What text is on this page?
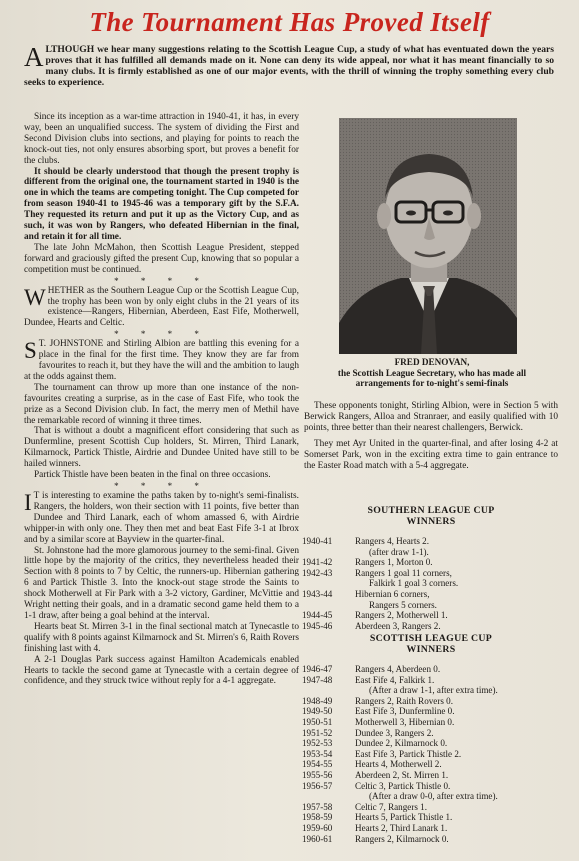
The Tournament Has Proved Itself
ALTHOUGH we hear many suggestions relating to the Scottish League Cup, a study of what has eventuated down the years proves that it has fulfilled all demands made on it. None can deny its wide appeal, nor what it has meant financially to so many clubs. It is firmly established as one of our major events, with the thrill of winning the trophy something every club seeks to experience.

Since its inception as a war-time attraction in 1940-41, it has, in every way, been an unqualified success. The system of dividing the First and Second Division clubs into sections, and playing for points to reach the knock-out ties, not only ensures absorbing sport, but proves a benefit for the clubs.

It should be clearly understood that though the present trophy is different from the original one, the tournament started in 1940 is the one in which the teams are competing tonight. The Cup competed for from season 1940-41 to 1945-46 was a temporary gift by the S.F.A. They requested its return and put it up as the Victory Cup, and as such, it was won by Rangers, who defeated Hibernian in the final, and retain it for all time.

The late John McMahon, then Scottish League President, stepped forward and graciously gifted the present Cup, knowing that so popular a competition must be continued.

* * * *

WHETHER as the Southern League Cup or the Scottish League Cup, the trophy has been won by only eight clubs in the 21 years of its existence—Rangers, Hibernian, Aberdeen, East Fife, Motherwell, Dundee, Hearts and Celtic.

* * * *

S T. JOHNSTONE and Stirling Albion are battling this evening for a place in the final for the first time. They know they are far from favourites to reach it, but they have the will and the ambition to laugh at the odds against them.

The tournament can throw up more than one instance of the non-favourites creating a surprise, as in the case of East Fife, who took the prize as a Second Division club. In fact, the merry men of Methil have the remarkable record of winning it three times.

That is without a doubt a magnificent effort considering that such as Dunfermline, present Scottish Cup holders, St. Mirren, Third Lanark, Kilmarnock, Partick Thistle, Airdrie and Dundee United have still to be hailed winners.

Partick Thistle have been beaten in the final on three occasions.

* * * *

I T is interesting to examine the paths taken by to-night's semi-finalists. Rangers, the holders, won their section with 11 points, five better than Dundee and Third Lanark, each of whom amassed 6, with Airdrie whipper-in with only one. They then met and beat East Fife 3-1 at Ibrox and by a similar score at Bayview in the quarter-final.

St. Johnstone had the more glamorous journey to the semi-final. Given little hope by the majority of the critics, they nevertheless headed their Section with 8 points to 7 by Celtic, the runners-up. Hibernian gathering 6 and Partick Thistle 3. Into the knock-out stage strode the Saints to shock Motherwell at Fir Park with a 3-2 victory, Gardiner, McVittie and Wright netting their goals, and in a dramatic second game held them to a 1-1 draw, after being a goal behind at the interval.

Hearts beat St. Mirren 3-1 in the final sectional match at Tynecastle to qualify with 8 points against Kilmarnock and St. Mirren's 6, Raith Rovers finishing last with 4.

A 2-1 Douglas Park success against Hamilton Academicals enabled Hearts to tackle the second game at Tynecastle with a certain degree of confidence, and they struck twice without reply for a 4-1 aggregate.

FRED DENOVAN,
the Scottish League Secretary, who has made all arrangements for to-night's semi-finals

These opponents tonight, Stirling Albion, were in Section 5 with Berwick Rangers, Alloa and Stranraer, and easily qualified with 10 points, three better than their nearest challengers, Berwick.

They met Ayr United in the quarter-final, and after losing 4-2 at Somerset Park, won in the exciting extra time to gain entrance to the Easter Road match with a 5-4 aggregate.

SOUTHERN LEAGUE CUP
WINNERS
1940-41	Rangers 4, Hearts 2.
(after draw 1-1).
1941-42	Rangers 1, Morton 0.
1942-43	Rangers 1 goal 11 corners,
Falkirk 1 goal 3 corners.
1943-44	Hibernian 6 corners,
Rangers 5 corners.
1944-45	Rangers 2, Motherwell 1.
1945-46	Aberdeen 3, Rangers 2.
SCOTTISH LEAGUE CUP
WINNERS
1946-47	Rangers 4, Aberdeen 0.
1947-48	East Fife 4, Falkirk 1.
(After a draw 1-1, after extra time).
1948-49	Rangers 2, Raith Rovers 0.
1949-50	East Fife 3, Dunfermline 0.
1950-51	Motherwell 3, Hibernian 0.
1951-52	Dundee 3, Rangers 2.
1952-53	Dundee 2, Kilmarnock 0.
1953-54	East Fife 3, Partick Thistle 2.
1954-55	Hearts 4, Motherwell 2.
1955-56	Aberdeen 2, St. Mirren 1.
1956-57	Celtic 3, Partick Thistle 0.
(After a draw 0-0, after extra time).
1957-58	Celtic 7, Rangers 1.
1958-59	Hearts 5, Partick Thistle 1.
1959-60	Hearts 2, Third Lanark 1.
1960-61	Rangers 2, Kilmarnock 0.
